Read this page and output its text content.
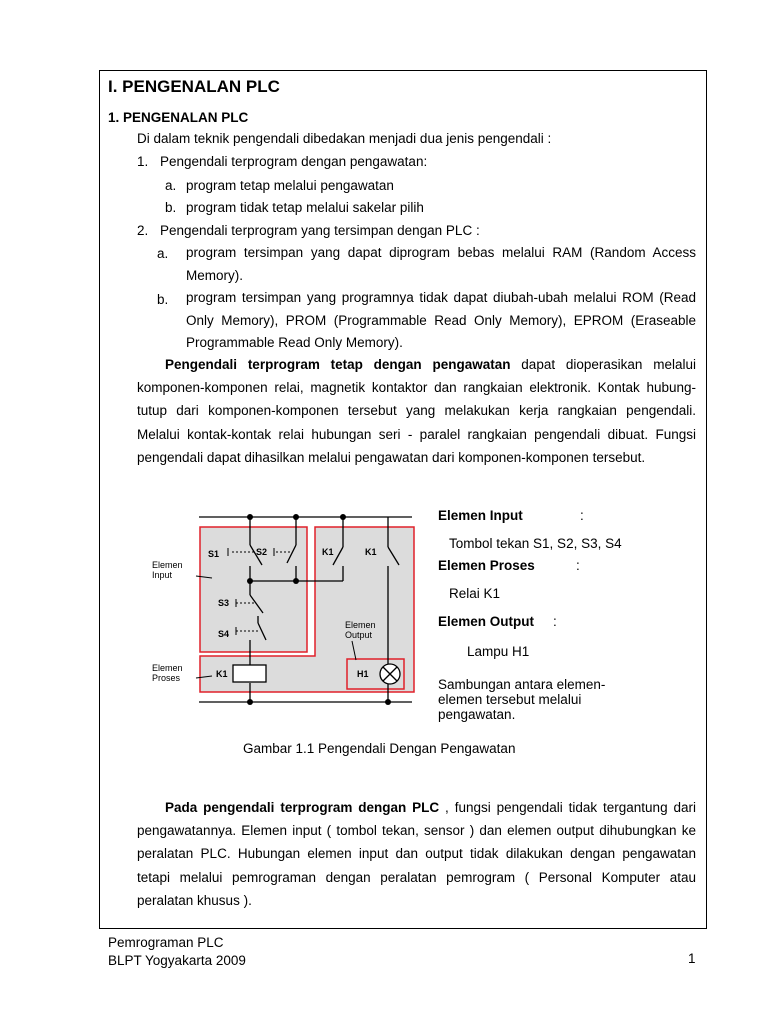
I. PENGENALAN PLC
1. PENGENALAN PLC
Di dalam teknik pengendali dibedakan menjadi dua jenis pengendali :
1. Pengendali terprogram dengan pengawatan:
a. program tetap melalui pengawatan
b. program tidak tetap melalui sakelar pilih
2. Pengendali terprogram yang tersimpan dengan PLC :
a. program tersimpan yang dapat diprogram bebas melalui RAM (Random Access Memory).
b. program tersimpan yang programnya tidak dapat diubah-ubah melalui ROM (Read Only Memory), PROM (Programmable Read Only Memory), EPROM (Eraseable Programmable Read Only Memory).
Pengendali terprogram tetap dengan pengawatan dapat dioperasikan melalui komponen-komponen relai, magnetik kontaktor dan rangkaian elektronik. Kontak hubung-tutup dari komponen-komponen tersebut yang melakukan kerja rangkaian pengendali. Melalui kontak-kontak relai hubungan seri - paralel rangkaian pengendali dibuat. Fungsi pengendali dapat dihasilkan melalui pengawatan dari komponen-komponen tersebut.
S1	S2
S3
S4
K1	K1
K1	H1
Elemen Input
Elemen Proses
Elemen Output
Elemen Input	:
Tombol tekan S1, S2, S3, S4
Elemen Proses	:
Relai K1
Elemen Output :
Lampu H1
Sambungan antara elemen-elemen tersebut melalui pengawatan.
Gambar 1.1 Pengendali Dengan Pengawatan
Pada pengendali terprogram dengan PLC , fungsi pengendali tidak tergantung dari pengawatannya. Elemen input ( tombol tekan, sensor ) dan elemen output dihubungkan ke peralatan PLC. Hubungan elemen input dan output tidak dilakukan dengan pengawatan tetapi melalui pemrograman dengan peralatan pemrogram ( Personal Komputer atau peralatan khusus ).
Pemrograman PLC
BLPT Yogyakarta 2009	1
